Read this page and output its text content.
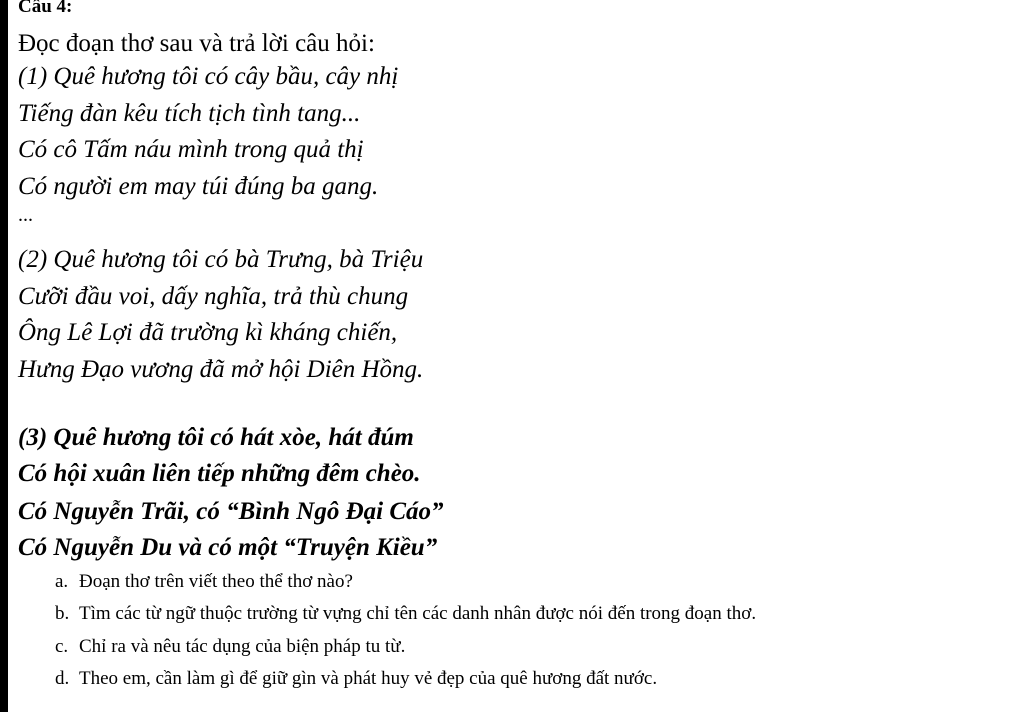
Câu 4:
Đọc đoạn thơ sau và trả lời câu hỏi:
(1) Quê hương tôi có cây bầu, cây nhị
Tiếng đàn kêu tích tịch tình tang...
Có cô Tấm náu mình trong quả thị
Có người em may túi đúng ba gang.
...
(2) Quê hương tôi có bà Trưng, bà Triệu
Cưỡi đầu voi, dấy nghĩa, trả thù chung
Ông Lê Lợi đã trường kì kháng chiến,
Hưng Đạo vương đã mở hội Diên Hồng.
(3) Quê hương tôi có hát xòe, hát đúm
Có hội xuân liên tiếp những đêm chèo.
Có Nguyễn Trãi, có “Bình Ngô Đại Cáo”
Có Nguyễn Du và có một “Truyện Kiều”
a. Đoạn thơ trên viết theo thể thơ nào?
b. Tìm các từ ngữ thuộc trường từ vựng chỉ tên các danh nhân được nói đến trong đoạn thơ.
c. Chỉ ra và nêu tác dụng của biện pháp tu từ.
d. Theo em, cần làm gì để giữ gìn và phát huy vẻ đẹp của quê hương đất nước.
